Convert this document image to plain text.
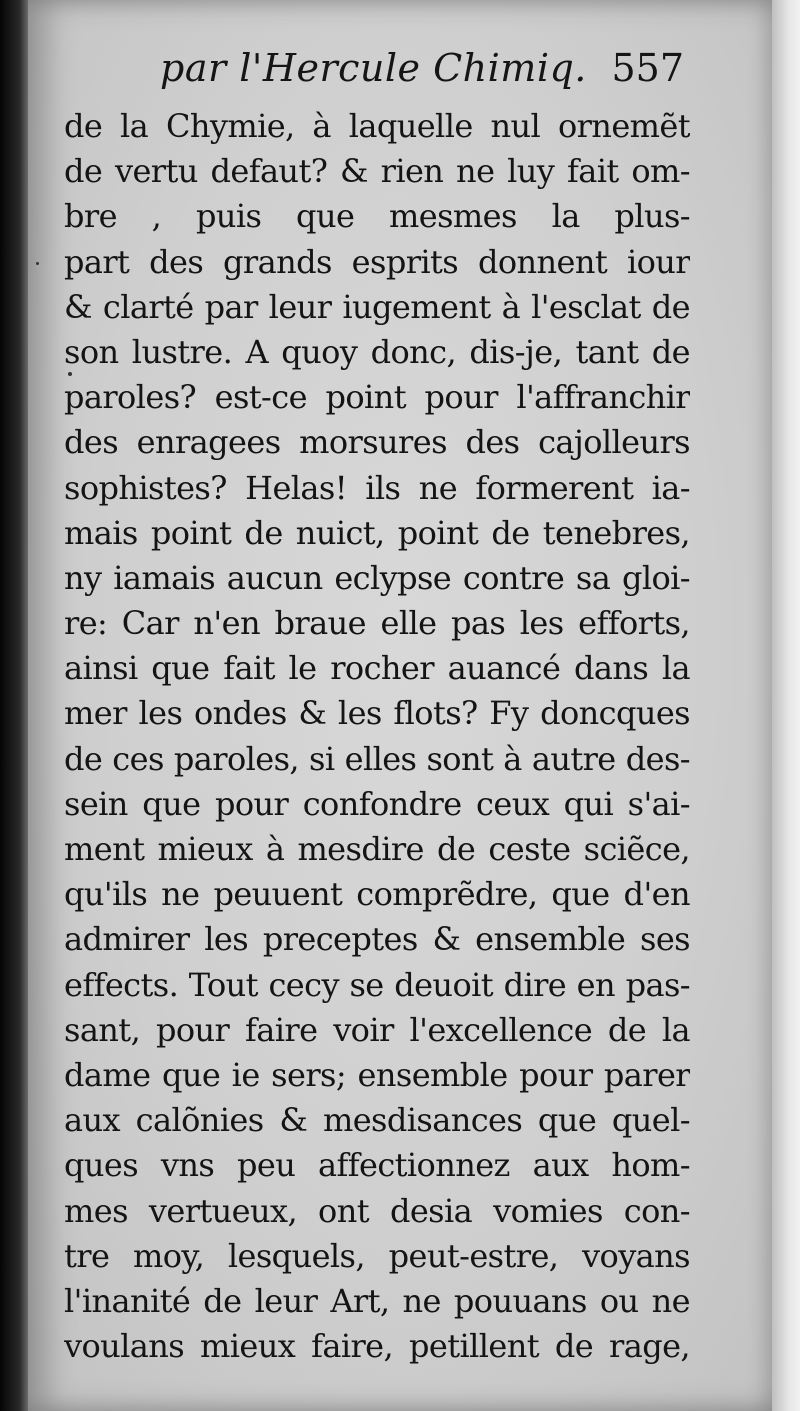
par l'Hercule Chimiq. 557
de la Chymie, à laquelle nul ornemẽt
de vertu defaut? & rien ne luy fait om-
bre , puis que mesmes la plus-
part des grands esprits donnent iour
& clarté par leur iugement à l'esclat de
son lustre. A quoy donc, dis-je, tant de
paroles? est-ce point pour l'affranchir
des enragees morsures des cajolleurs
sophistes? Helas! ils ne formerent ia-
mais point de nuict, point de tenebres,
ny iamais aucun eclypse contre sa gloi-
re: Car n'en braue elle pas les efforts,
ainsi que fait le rocher auancé dans la
mer les ondes & les flots? Fy doncques
de ces paroles, si elles sont à autre des-
sein que pour confondre ceux qui s'ai-
ment mieux à mesdire de ceste sciẽce,
qu'ils ne peuuent comprẽdre, que d'en
admirer les preceptes & ensemble ses
effects. Tout cecy se deuoit dire en pas-
sant, pour faire voir l'excellence de la
dame que ie sers; ensemble pour parer
aux calõnies & mesdisances que quel-
ques vns peu affectionnez aux hom-
mes vertueux, ont desia vomies con-
tre moy, lesquels, peut-estre, voyans
l'inanité de leur Art, ne pouuans ou ne
voulans mieux faire, petillent de rage,
